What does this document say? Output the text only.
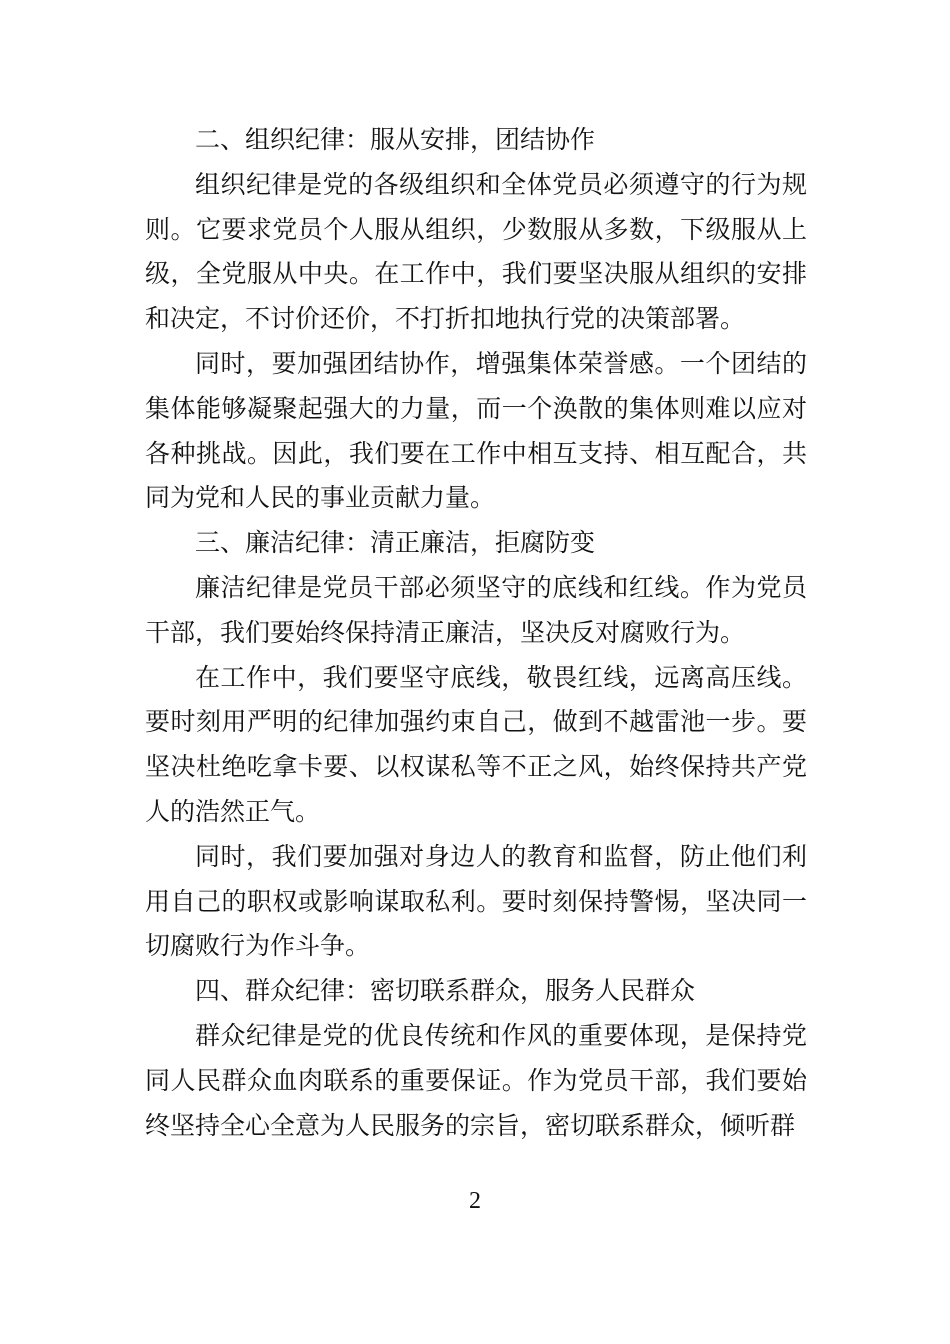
二、组织纪律：服从安排，团结协作

组织纪律是党的各级组织和全体党员必须遵守的行为规则。它要求党员个人服从组织，少数服从多数，下级服从上级，全党服从中央。在工作中，我们要坚决服从组织的安排和决定，不讨价还价，不打折扣地执行党的决策部署。

同时，要加强团结协作，增强集体荣誉感。一个团结的集体能够凝聚起强大的力量，而一个涣散的集体则难以应对各种挑战。因此，我们要在工作中相互支持、相互配合，共同为党和人民的事业贡献力量。

三、廉洁纪律：清正廉洁，拒腐防变

廉洁纪律是党员干部必须坚守的底线和红线。作为党员干部，我们要始终保持清正廉洁，坚决反对腐败行为。

在工作中，我们要坚守底线，敬畏红线，远离高压线。要时刻用严明的纪律加强约束自己，做到不越雷池一步。要坚决杜绝吃拿卡要、以权谋私等不正之风，始终保持共产党人的浩然正气。

同时，我们要加强对身边人的教育和监督，防止他们利用自己的职权或影响谋取私利。要时刻保持警惕，坚决同一切腐败行为作斗争。

四、群众纪律：密切联系群众，服务人民群众

群众纪律是党的优良传统和作风的重要体现，是保持党同人民群众血肉联系的重要保证。作为党员干部，我们要始终坚持全心全意为人民服务的宗旨，密切联系群众，倾听群

2
